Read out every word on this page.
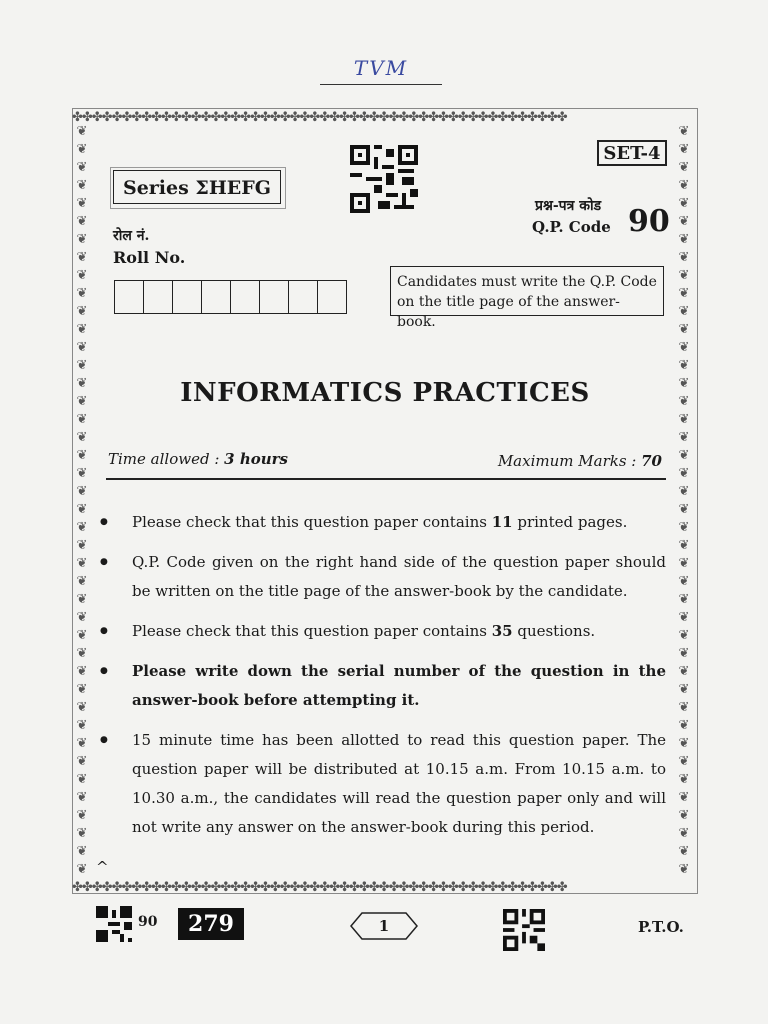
TVM
✤✤✤✤✤✤✤✤✤✤✤✤✤✤✤✤✤✤✤✤✤✤✤✤✤✤✤✤✤✤✤✤✤✤✤✤✤✤✤✤✤✤✤✤✤✤✤✤✤✤
✤✤✤✤✤✤✤✤✤✤✤✤✤✤✤✤✤✤✤✤✤✤✤✤✤✤✤✤✤✤✤✤✤✤✤✤✤✤✤✤✤✤✤✤✤✤✤✤✤✤
❦
❦
❦
❦
❦
❦
❦
❦
❦
❦
❦
❦
❦
❦
❦
❦
❦
❦
❦
❦
❦
❦
❦
❦
❦
❦
❦
❦
❦
❦
❦
❦
❦
❦
❦
❦
❦
❦
❦
❦
❦
❦
❦
❦
❦
❦
❦
❦
❦
❦
❦
❦
❦
❦
❦
❦
❦
❦
❦
❦
❦
❦
❦
❦
❦
❦
❦
❦
❦
❦
❦
❦
❦
❦
❦
❦
❦
❦
❦
❦
❦
❦
❦
❦
Series ΣHEFG
SET-4
रोल नं.
Roll No.
प्रश्न-पत्र कोड
Q.P. Code 90
Candidates must write the Q.P. Code on the title page of the answer-book.
INFORMATICS PRACTICES
Time allowed : 3 hours	Maximum Marks : 70
● Please check that this question paper contains 11 printed pages.
● Q.P. Code given on the right hand side of the question paper should be written on the title page of the answer-book by the candidate.
● Please check that this question paper contains 35 questions.
● Please write down the serial number of the question in the answer-book before attempting it.
● 15 minute time has been allotted to read this question paper. The question paper will be distributed at 10.15 a.m. From 10.15 a.m. to 10.30 a.m., the candidates will read the question paper only and will not write any answer on the answer-book during this period.
^
90	279	1	P.T.O.
